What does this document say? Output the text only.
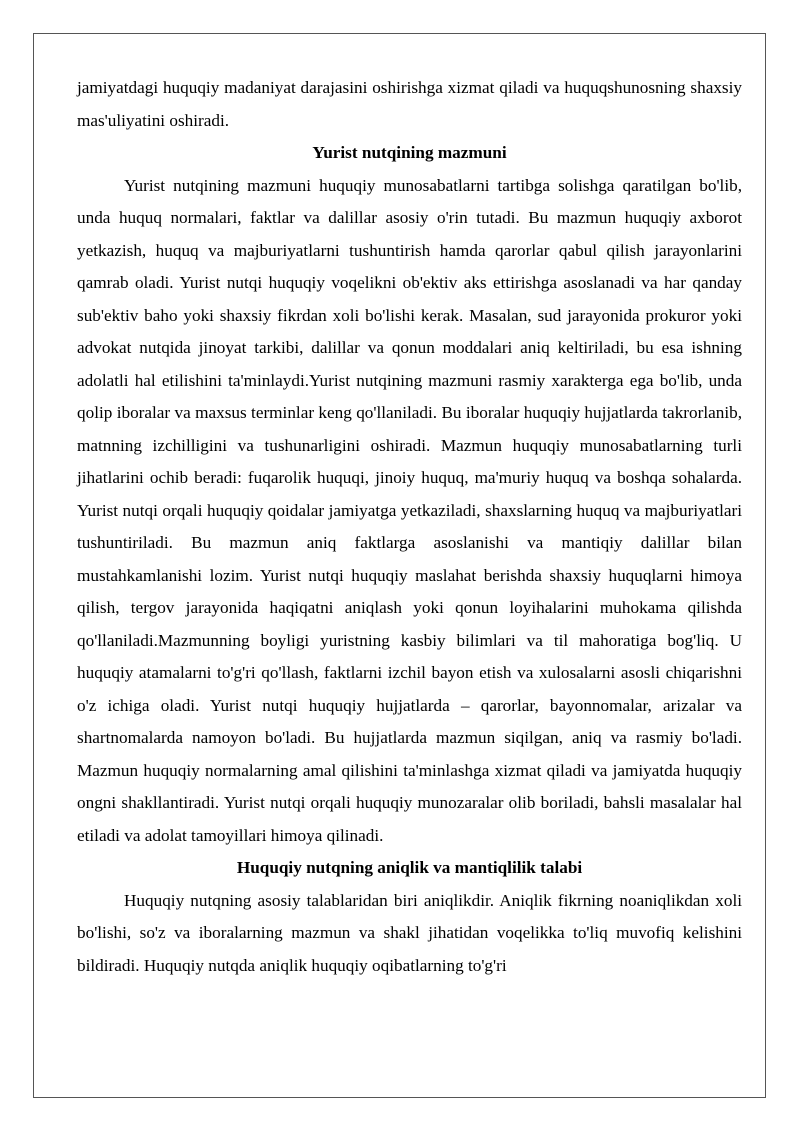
jamiyatdagi huquqiy madaniyat darajasini oshirishga xizmat qiladi va huquqshunosning shaxsiy mas'uliyatini oshiradi.

Yurist nutqining mazmuni

Yurist nutqining mazmuni huquqiy munosabatlarni tartibga solishga qaratilgan bo'lib, unda huquq normalari, faktlar va dalillar asosiy o'rin tutadi. Bu mazmun huquqiy axborot yetkazish, huquq va majburiyatlarni tushuntirish hamda qarorlar qabul qilish jarayonlarini qamrab oladi. Yurist nutqi huquqiy voqelikni ob'ektiv aks ettirishga asoslanadi va har qanday sub'ektiv baho yoki shaxsiy fikrdan xoli bo'lishi kerak. Masalan, sud jarayonida prokuror yoki advokat nutqida jinoyat tarkibi, dalillar va qonun moddalari aniq keltiriladi, bu esa ishning adolatli hal etilishini ta'minlaydi.Yurist nutqining mazmuni rasmiy xarakterga ega bo'lib, unda qolip iboralar va maxsus terminlar keng qo'llaniladi. Bu iboralar huquqiy hujjatlarda takrorlanib, matnning izchilligini va tushunarligini oshiradi. Mazmun huquqiy munosabatlarning turli jihatlarini ochib beradi: fuqarolik huquqi, jinoiy huquq, ma'muriy huquq va boshqa sohalarda. Yurist nutqi orqali huquqiy qoidalar jamiyatga yetkaziladi, shaxslarning huquq va majburiyatlari tushuntiriladi. Bu mazmun aniq faktlarga asoslanishi va mantiqiy dalillar bilan mustahkamlanishi lozim. Yurist nutqi huquqiy maslahat berishda shaxsiy huquqlarni himoya qilish, tergov jarayonida haqiqatni aniqlash yoki qonun loyihalarini muhokama qilishda qo'llaniladi.Mazmunning boyligi yuristning kasbiy bilimlari va til mahoratiga bog'liq. U huquqiy atamalarni to'g'ri qo'llash, faktlarni izchil bayon etish va xulosalarni asosli chiqarishni o'z ichiga oladi. Yurist nutqi huquqiy hujjatlarda – qarorlar, bayonnomalar, arizalar va shartnomalarda namoyon bo'ladi. Bu hujjatlarda mazmun siqilgan, aniq va rasmiy bo'ladi. Mazmun huquqiy normalarning amal qilishini ta'minlashga xizmat qiladi va jamiyatda huquqiy ongni shakllantiradi. Yurist nutqi orqali huquqiy munozaralar olib boriladi, bahsli masalalar hal etiladi va adolat tamoyillari himoya qilinadi.

Huquqiy nutqning aniqlik va mantiqlilik talabi

Huquqiy nutqning asosiy talablaridan biri aniqlikdir. Aniqlik fikrning noaniqlikdan xoli bo'lishi, so'z va iboralarning mazmun va shakl jihatidan voqelikka to'liq muvofiq kelishini bildiradi. Huquqiy nutqda aniqlik huquqiy oqibatlarning to'g'ri
